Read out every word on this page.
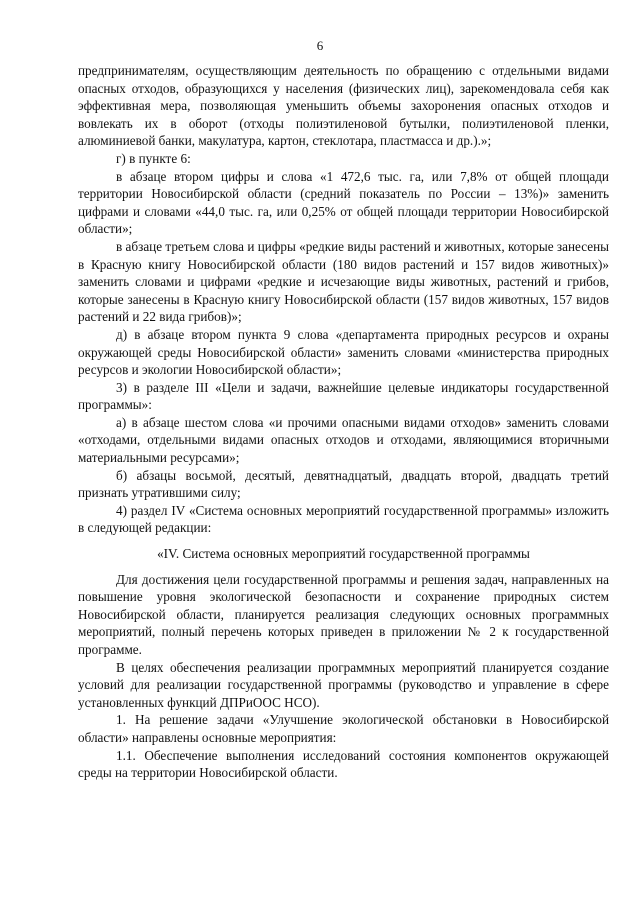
6

предпринимателям, осуществляющим деятельность по обращению с отдельными видами опасных отходов, образующихся у населения (физических лиц), зарекомендовала себя как эффективная мера, позволяющая уменьшить объемы захоронения опасных отходов и вовлекать их в оборот (отходы полиэтиленовой бутылки, полиэтиленовой пленки, алюминиевой банки, макулатура, картон, стеклотара, пластмасса и др.).»;

г) в пункте 6:

в абзаце втором цифры и слова «1 472,6 тыс. га, или 7,8% от общей площади территории Новосибирской области (средний показатель по России – 13%)» заменить цифрами и словами «44,0 тыс. га, или 0,25% от общей площади территории Новосибирской области»;

в абзаце третьем слова и цифры «редкие виды растений и животных, которые занесены в Красную книгу Новосибирской области (180 видов растений и 157 видов животных)» заменить словами и цифрами «редкие и исчезающие виды животных, растений и грибов, которые занесены в Красную книгу Новосибирской области (157 видов животных, 157 видов растений и 22 вида грибов)»;

д) в абзаце втором пункта 9 слова «департамента природных ресурсов и охраны окружающей среды Новосибирской области» заменить словами «министерства природных ресурсов и экологии Новосибирской области»;

3) в разделе III «Цели и задачи, важнейшие целевые индикаторы государственной программы»:

а) в абзаце шестом слова «и прочими опасными видами отходов» заменить словами «отходами, отдельными видами опасных отходов и отходами, являющимися вторичными материальными ресурсами»;

б) абзацы восьмой, десятый, девятнадцатый, двадцать второй, двадцать третий признать утратившими силу;

4) раздел IV «Система основных мероприятий государственной программы» изложить в следующей редакции:

«IV. Система основных мероприятий государственной программы

Для достижения цели государственной программы и решения задач, направленных на повышение уровня экологической безопасности и сохранение природных систем Новосибирской области, планируется реализация следующих основных программных мероприятий, полный перечень которых приведен в приложении № 2 к государственной программе.

В целях обеспечения реализации программных мероприятий планируется создание условий для реализации государственной программы (руководство и управление в сфере установленных функций ДПРиООС НСО).

1. На решение задачи «Улучшение экологической обстановки в Новосибирской области» направлены основные мероприятия:

1.1. Обеспечение выполнения исследований состояния компонентов окружающей среды на территории Новосибирской области.
